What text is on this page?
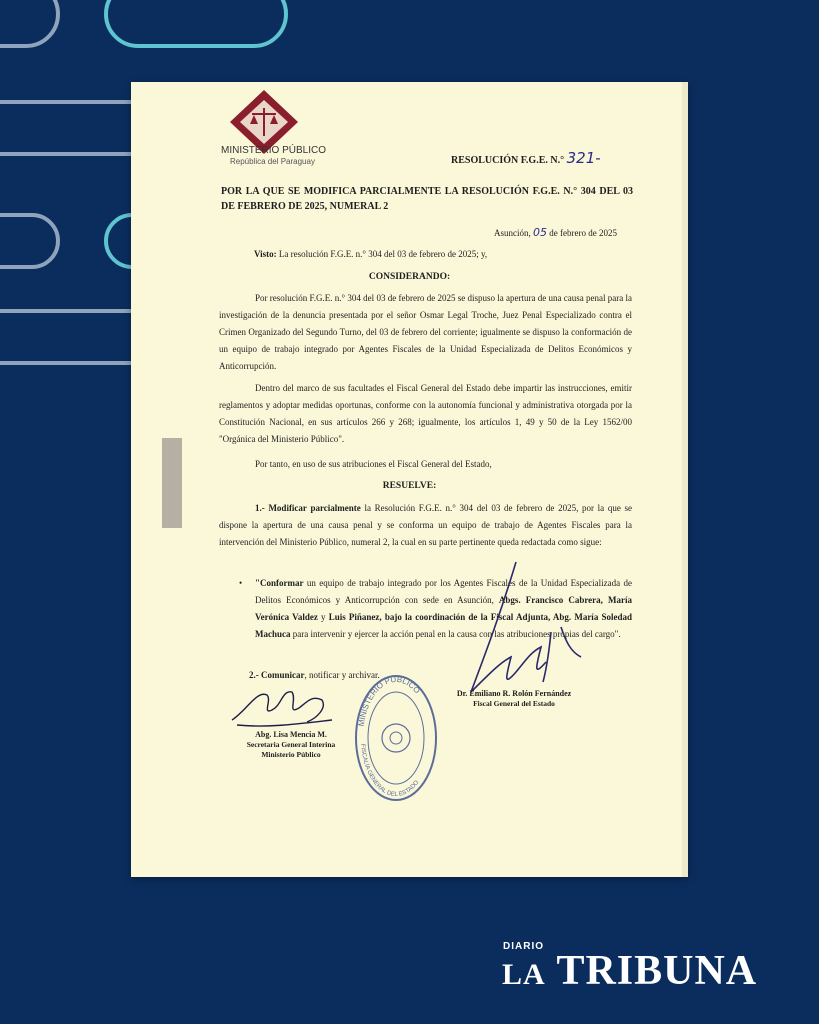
MINISTERIO PÚBLICO
República del Paraguay	RESOLUCIÓN F.G.E. N.° 321-
POR LA QUE SE MODIFICA PARCIALMENTE LA RESOLUCIÓN F.G.E. N.° 304 DEL 03 DE FEBRERO DE 2025, NUMERAL 2
Asunción, 05 de febrero de 2025
Visto: La resolución F.G.E. n.° 304 del 03 de febrero de 2025; y,
CONSIDERANDO:
Por resolución F.G.E. n.° 304 del 03 de febrero de 2025 se dispuso la apertura de una causa penal para la investigación de la denuncia presentada por el señor Osmar Legal Troche, Juez Penal Especializado contra el Crimen Organizado del Segundo Turno, del 03 de febrero del corriente; igualmente se dispuso la conformación de un equipo de trabajo integrado por Agentes Fiscales de la Unidad Especializada de Delitos Económicos y Anticorrupción.
Dentro del marco de sus facultades el Fiscal General del Estado debe impartir las instrucciones, emitir reglamentos y adoptar medidas oportunas, conforme con la autonomía funcional y administrativa otorgada por la Constitución Nacional, en sus artículos 266 y 268; igualmente, los artículos 1, 49 y 50 de la Ley 1562/00 "Orgánica del Ministerio Público".
Por tanto, en uso de sus atribuciones el Fiscal General del Estado,
RESUELVE:
1.- Modificar parcialmente la Resolución F.G.E. n.° 304 del 03 de febrero de 2025, por la que se dispone la apertura de una causa penal y se conforma un equipo de trabajo de Agentes Fiscales para la intervención del Ministerio Público, numeral 2, la cual en su parte pertinente queda redactada como sigue:
• "Conformar un equipo de trabajo integrado por los Agentes Fiscales de la Unidad Especializada de Delitos Económicos y Anticorrupción con sede en Asunción, Abgs. Francisco Cabrera, María Verónica Valdez y Luis Piñanez, bajo la coordinación de la Fiscal Adjunta, Abg. María Soledad Machuca para intervenir y ejercer la acción penal en la causa con las atribuciones propias del cargo".
2.- Comunicar, notificar y archivar.
Dr. Emiliano R. Rolón Fernández
Fiscal General del Estado
Abg. Lisa Mencia M.
Secretaria General Interina
Ministerio Público
MINISTERIO PÚBLICO
FISCALÍA GENERAL DEL ESTADO
DIARIO
LA TRIBUNA
